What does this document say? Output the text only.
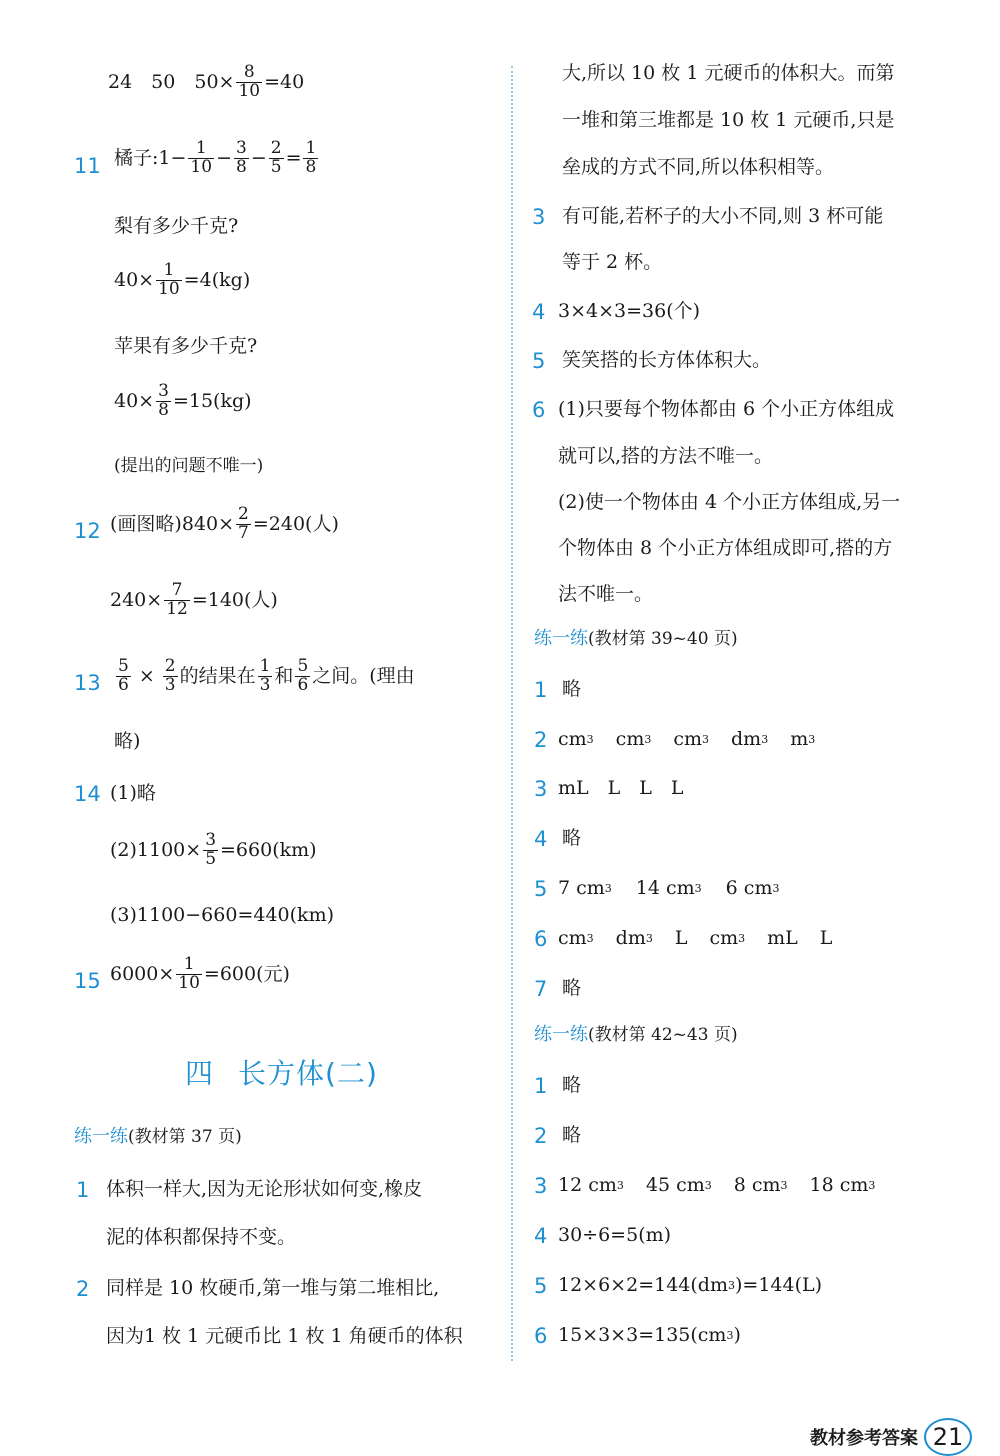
24　50　$50\times \frac{8}{10} =40$
11 橘子:1− $\frac{1}{10} - \frac{3}{8} - \frac{2}{5} = \frac{1}{8}$
梨有多少千克?
$40\times \frac{1}{10} =4(kg)$
苹果有多少千克?
$40\times \frac{3}{8} =15(kg)$
(提出的问题不唯一)
12 (画图略)$840\times \frac{2}{7} =240$(人)
$240\times \frac{7}{12} =140$(人)
$13 \frac{5}{6} \times \frac{2}{3}$ 的结果在 1
3 和 5
6 之间。(理由
略)
14 (1)略
$(2)1100\times \frac{3}{5} =660(km)$
(3)1100−660=440(km)
15 $6000\times \frac{1}{10} =600$(元)
四 长方体(二)
练一练 (教材第 37 页)
1 体积一样大,因为无论形状如何变,橡皮
泥的体积都保持不变。
2 同样是 10 枚硬币,第一堆与第二堆相比,
因为1 枚 1 元硬币比 1 枚 1 角硬币的体积
大,所以 10 枚 1 元硬币的体积大。而第
一堆和第三堆都是 10 枚 1 元硬币,只是
垒成的方式不同,所以体积相等。
3 有可能,若杯子的大小不同,则 3 杯可能
等于 2 杯。
4 3×4×3=36(个)
5 笑笑搭的长方体体积大。
6 (1)只要每个物体都由 6 个小正方体组成
就可以,搭的方法不唯一。
(2)使一个物体由 4 个小正方体组成,另一
个物体由 8 个小正方体组成即可,搭的方
法不唯一。
练一练 (教材第 39~40 页)
1 略
2 cm 3 cm 3 cm 3 dm 3 m 3
3 mL　L　L　L
4 略
5 7 cm 3 14 cm 3 6 cm 3
6 cm 3 dm 3 L cm 3 mL L
7 略
练一练 (教材第 42~43 页)
1 略
2 略
3 12 cm 3 45 cm 3 8 cm 3 18 cm 3
4 30÷6=5(m)
5 12×6×2=144(dm 3 )=144(L)
6 15×3×3=135(cm 3 )
教材参考答案 21
